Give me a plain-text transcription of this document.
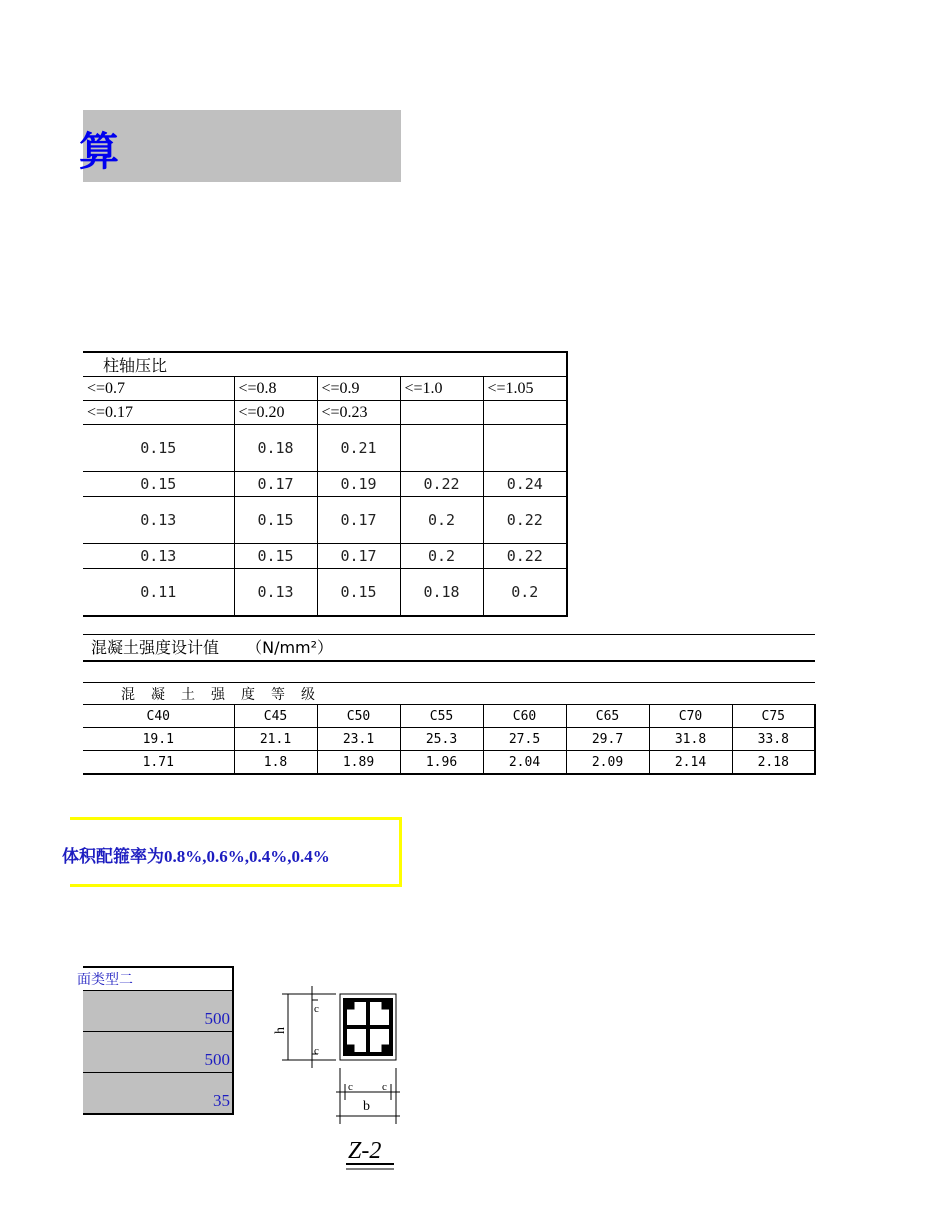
算
柱轴压比				
<=0.7	<=0.8	<=0.9	<=1.0	<=1.05
<=0.17	<=0.20	<=0.23		
0.15	0.18	0.21		
0.15	0.17	0.19	0.22	0.24
0.13	0.15	0.17	0.2	0.22
0.13	0.15	0.17	0.2	0.22
0.11	0.13	0.15	0.18	0.2
混凝土强度设计值 （N/mm²）
混凝土强度等级
C40	C45	C50	C55	C60	C65	C70	C75
19.1	21.1	23.1	25.3	27.5	29.7	31.8	33.8
1.71	1.8	1.89	1.96	2.04	2.09	2.14	2.18
体积配箍率为0.8%,0.6%,0.4%,0.4%
面类型二
500
500
35
h
c
c
c	c
b
Z-2
